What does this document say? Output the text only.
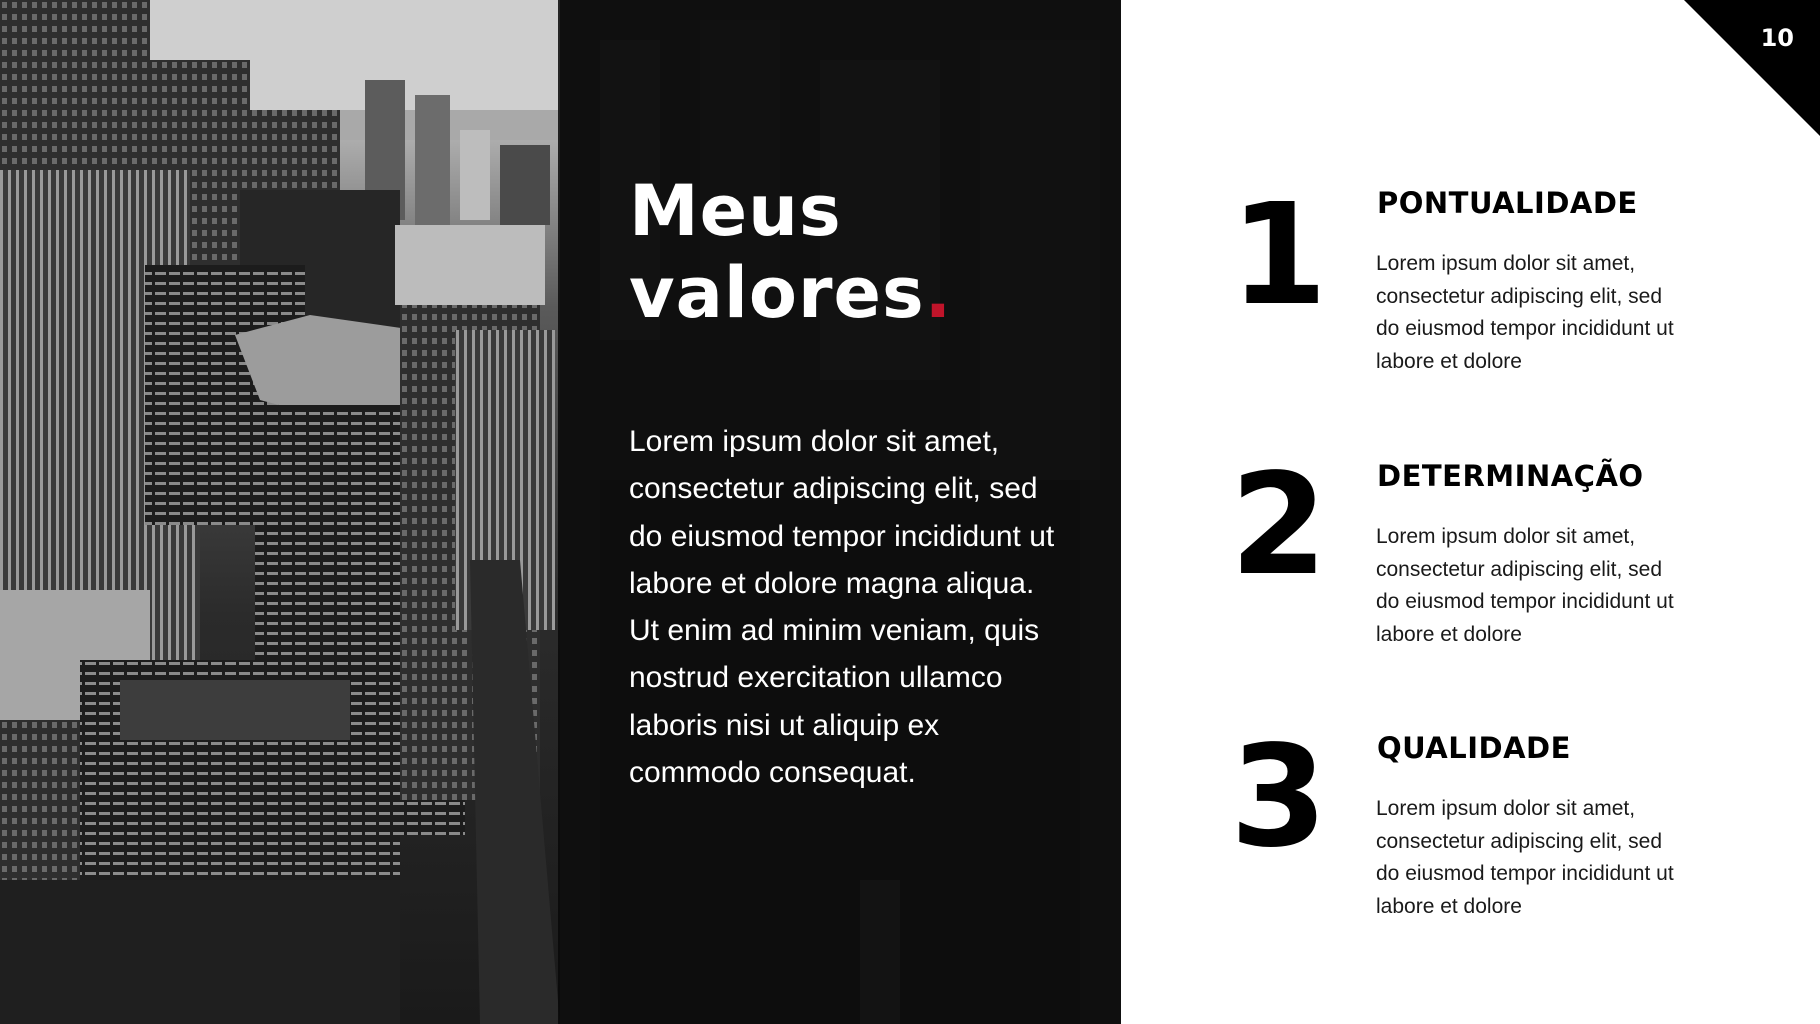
Meus
valores.

Lorem ipsum dolor sit amet, consectetur adipiscing elit, sed do eiusmod tempor incididunt ut labore et dolore magna aliqua. Ut enim ad minim veniam, quis nostrud exercitation ullamco laboris nisi ut aliquip ex commodo consequat.

10
1 PONTUALIDADE

Lorem ipsum dolor sit amet, consectetur adipiscing elit, sed do eiusmod tempor incididunt ut labore et dolore

2 DETERMINAÇÃO

Lorem ipsum dolor sit amet, consectetur adipiscing elit, sed do eiusmod tempor incididunt ut labore et dolore

3 QUALIDADE

Lorem ipsum dolor sit amet, consectetur adipiscing elit, sed do eiusmod tempor incididunt ut labore et dolore
